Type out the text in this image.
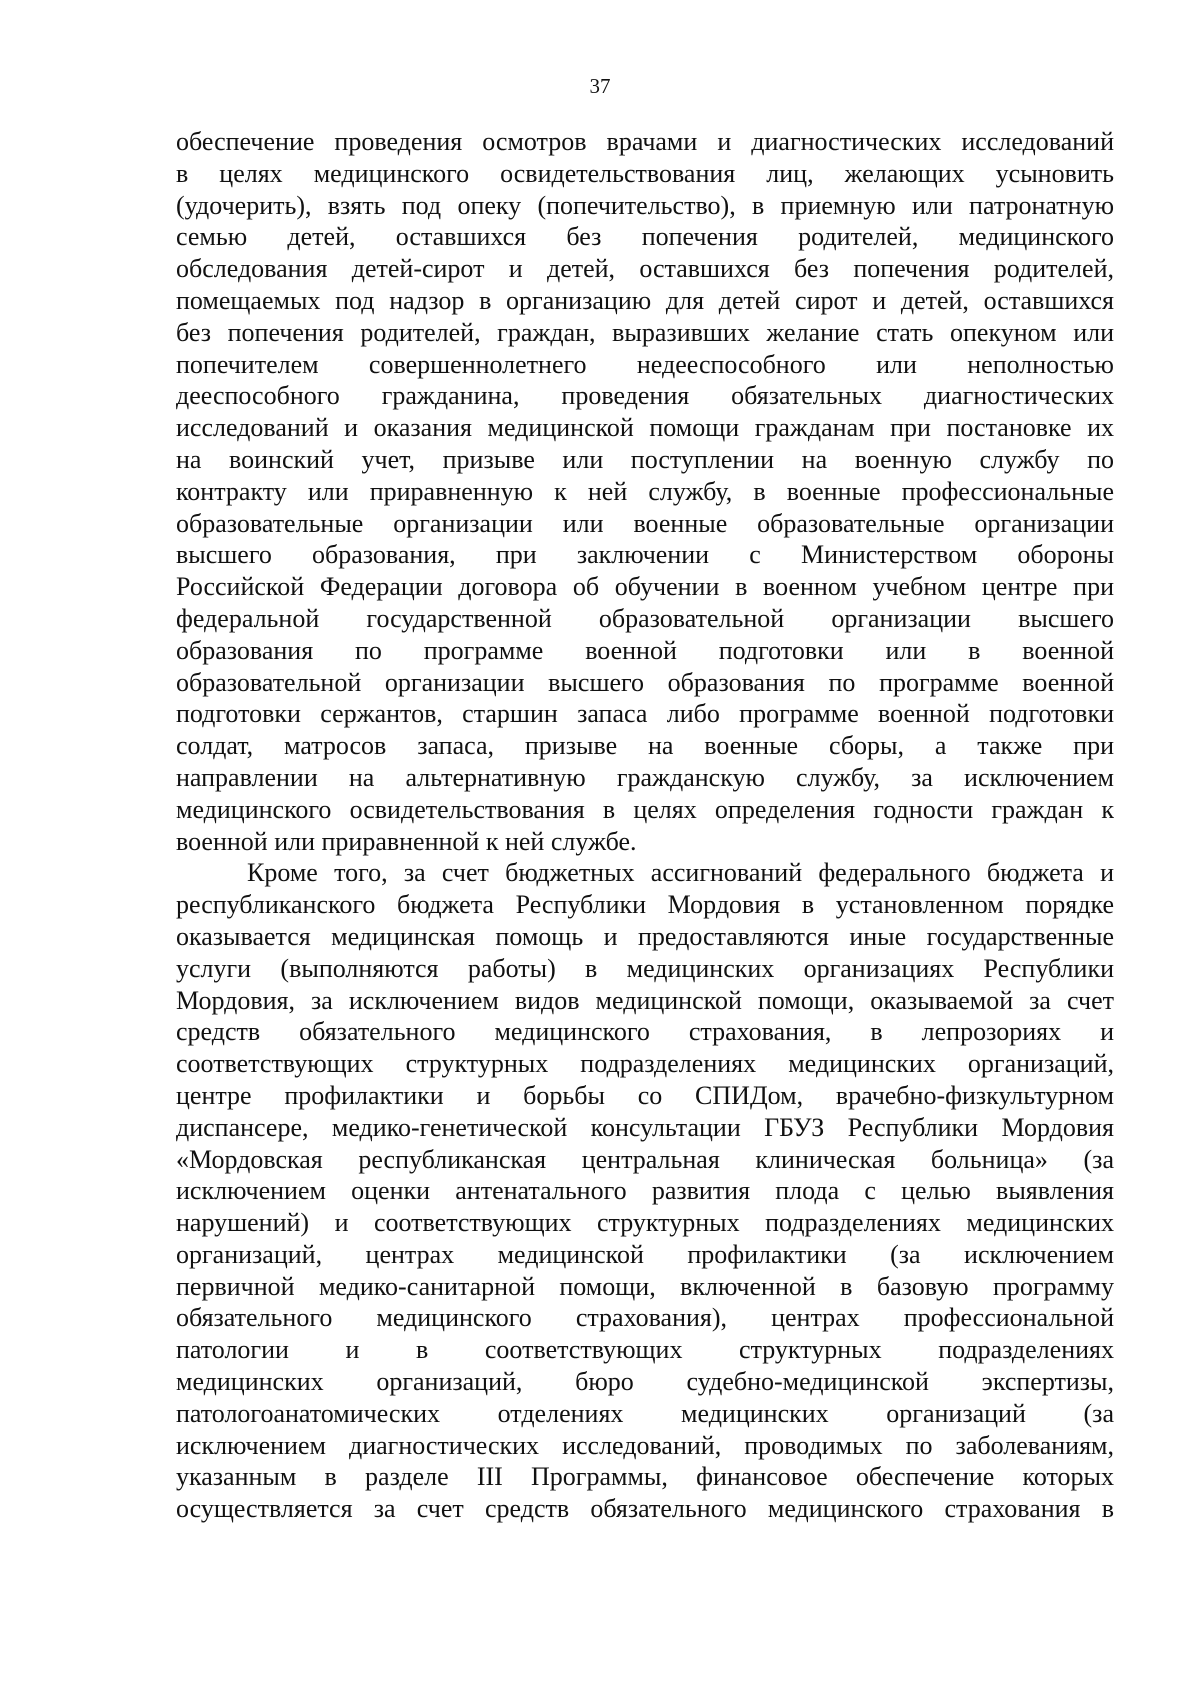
37
обеспечение проведения осмотров врачами и диагностических исследований
в целях медицинского освидетельствования лиц, желающих усыновить
(удочерить), взять под опеку (попечительство), в приемную или патронатную
семью детей, оставшихся без попечения родителей, медицинского
обследования детей-сирот и детей, оставшихся без попечения родителей,
помещаемых под надзор в организацию для детей сирот и детей, оставшихся
без попечения родителей, граждан, выразивших желание стать опекуном или
попечителем совершеннолетнего недееспособного или неполностью
дееспособного гражданина, проведения обязательных диагностических
исследований и оказания медицинской помощи гражданам при постановке их
на воинский учет, призыве или поступлении на военную службу по
контракту или приравненную к ней службу, в военные профессиональные
образовательные организации или военные образовательные организации
высшего образования, при заключении с Министерством обороны
Российской Федерации договора об обучении в военном учебном центре при
федеральной государственной образовательной организации высшего
образования по программе военной подготовки или в военной
образовательной организации высшего образования по программе военной
подготовки сержантов, старшин запаса либо программе военной подготовки
солдат, матросов запаса, призыве на военные сборы, а также при
направлении на альтернативную гражданскую службу, за исключением
медицинского освидетельствования в целях определения годности граждан к
военной или приравненной к ней службе.
Кроме того, за счет бюджетных ассигнований федерального бюджета и
республиканского бюджета Республики Мордовия в установленном порядке
оказывается медицинская помощь и предоставляются иные государственные
услуги (выполняются работы) в медицинских организациях Республики
Мордовия, за исключением видов медицинской помощи, оказываемой за счет
средств обязательного медицинского страхования, в лепрозориях и
соответствующих структурных подразделениях медицинских организаций,
центре профилактики и борьбы со СПИДом, врачебно-физкультурном
диспансере, медико-генетической консультации ГБУЗ Республики Мордовия
«Мордовская республиканская центральная клиническая больница» (за
исключением оценки антенатального развития плода с целью выявления
нарушений) и соответствующих структурных подразделениях медицинских
организаций, центрах медицинской профилактики (за исключением
первичной медико-санитарной помощи, включенной в базовую программу
обязательного медицинского страхования), центрах профессиональной
патологии и в соответствующих структурных подразделениях
медицинских организаций, бюро судебно-медицинской экспертизы,
патологоанатомических отделениях медицинских организаций (за
исключением диагностических исследований, проводимых по заболеваниям,
указанным в разделе III Программы, финансовое обеспечение которых
осуществляется за счет средств обязательного медицинского страхования в
